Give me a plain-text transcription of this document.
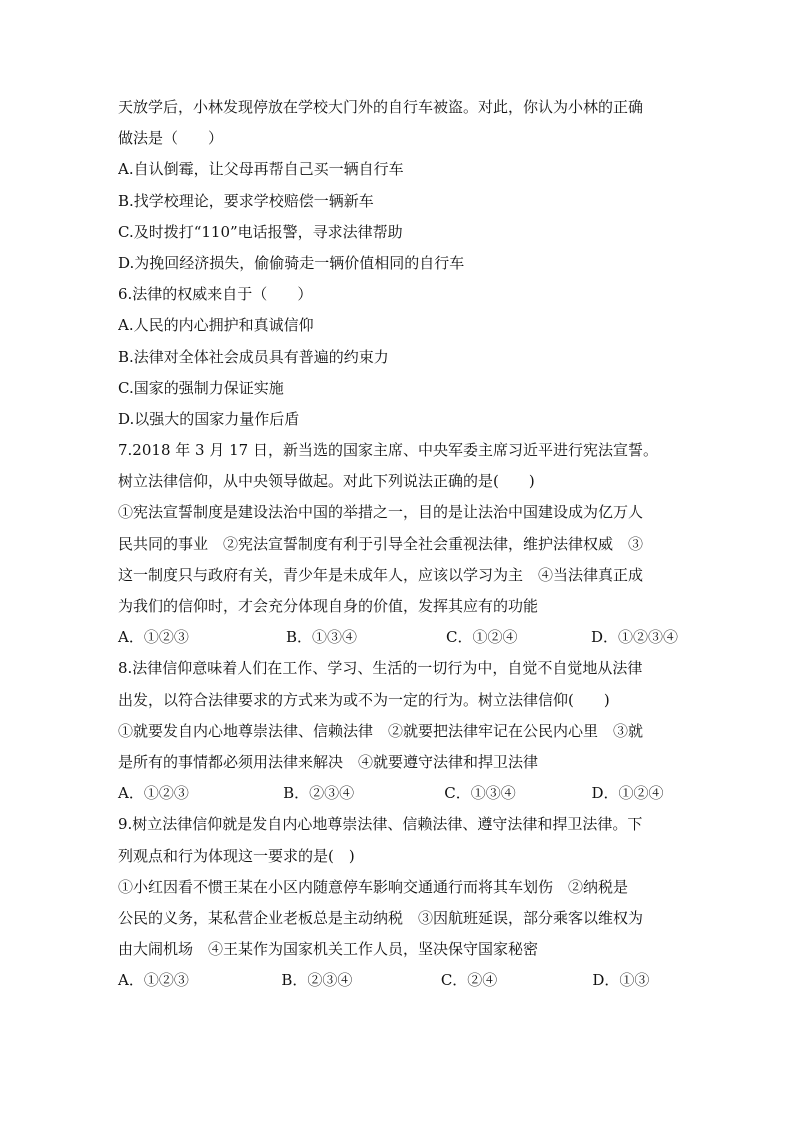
天放学后，小林发现停放在学校大门外的自行车被盗。对此，你认为小林的正确
做法是（　　）
A.自认倒霉，让父母再帮自己买一辆自行车
B.找学校理论，要求学校赔偿一辆新车
C.及时拨打“110”电话报警，寻求法律帮助
D.为挽回经济损失，偷偷骑走一辆价值相同的自行车
6.法律的权威来自于（　　）
A.人民的内心拥护和真诚信仰
B.法律对全体社会成员具有普遍的约束力
C.国家的强制力保证实施
D.以强大的国家力量作后盾
7.2018 年 3 月 17 日，新当选的国家主席、中央军委主席习近平进行宪法宣誓。
树立法律信仰，从中央领导做起。对此下列说法正确的是(　　)
①宪法宣誓制度是建设法治中国的举措之一，目的是让法治中国建设成为亿万人
民共同的事业　②宪法宣誓制度有利于引导全社会重视法律，维护法律权威　③
这一制度只与政府有关，青少年是未成年人，应该以学习为主　④当法律真正成
为我们的信仰时，才会充分体现自身的价值，发挥其应有的功能
A．①②③	B．①③④	C．①②④	D．①②③④
8.法律信仰意味着人们在工作、学习、生活的一切行为中，自觉不自觉地从法律
出发，以符合法律要求的方式来为或不为一定的行为。树立法律信仰(　　)
①就要发自内心地尊崇法律、信赖法律　②就要把法律牢记在公民内心里　③就
是所有的事情都必须用法律来解决　④就要遵守法律和捍卫法律
A．①②③	B．②③④	C．①③④	D．①②④
9.树立法律信仰就是发自内心地尊崇法律、信赖法律、遵守法律和捍卫法律。下
列观点和行为体现这一要求的是(　)
①小红因看不惯王某在小区内随意停车影响交通通行而将其车划伤　②纳税是
公民的义务，某私营企业老板总是主动纳税　③因航班延误，部分乘客以维权为
由大闹机场　④王某作为国家机关工作人员，坚决保守国家秘密
A．①②③	B．②③④	C．②④	D．①③
